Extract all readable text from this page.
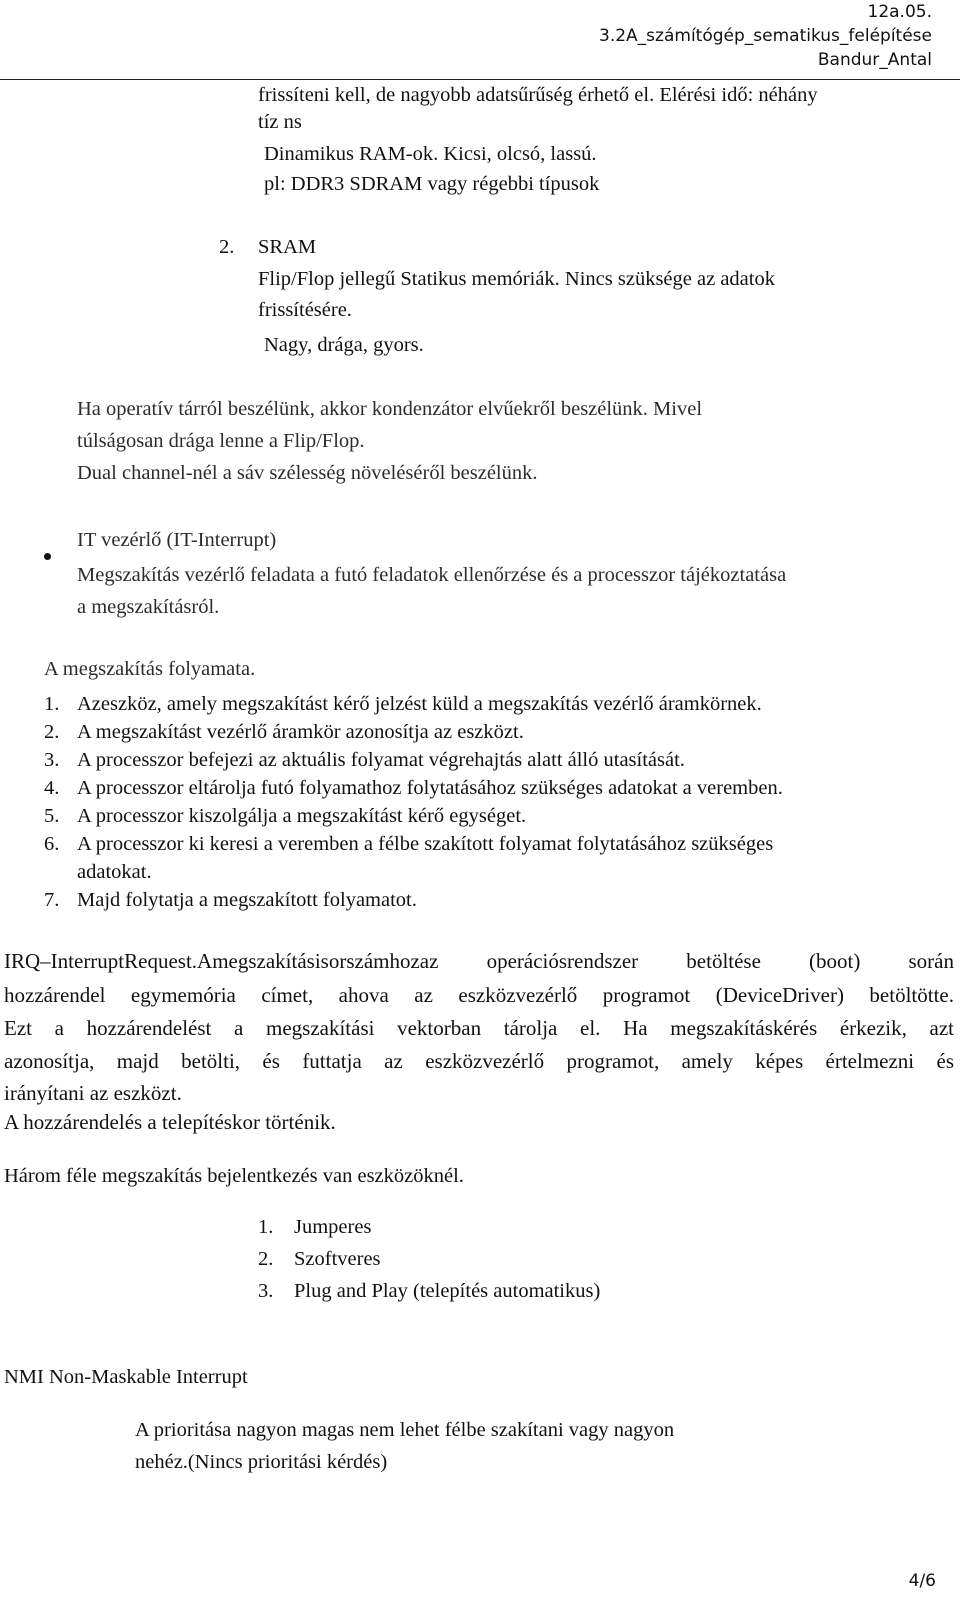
12a.05.
3.2A_számítógép_sematikus_felépítése
Bandur_Antal
frissíteni kell, de nagyobb adatsűrűség érhető el. Elérési idő: néhány
tíz ns
Dinamikus RAM-ok. Kicsi, olcsó, lassú.
pl: DDR3 SDRAM vagy régebbi típusok
2. SRAM
Flip/Flop jellegű Statikus memóriák. Nincs szüksége az adatok
frissítésére.
Nagy, drága, gyors.
Ha operatív tárról beszélünk, akkor kondenzátor elvűekről beszélünk. Mivel
túlságosan drága lenne a Flip/Flop.
Dual channel-nél a sáv szélesség növeléséről beszélünk.
IT vezérlő (IT-Interrupt)
Megszakítás vezérlő feladata a futó feladatok ellenőrzése és a processzor tájékoztatása
a megszakításról.
A megszakítás folyamata.
1. Azeszköz, amely megszakítást kérő jelzést küld a megszakítás vezérlő áramkörnek.
2. A megszakítást vezérlő áramkör azonosítja az eszközt.
3. A processzor befejezi az aktuális folyamat végrehajtás alatt álló utasítását.
4. A processzor eltárolja futó folyamathoz folytatásához szükséges adatokat a veremben.
5. A processzor kiszolgálja a megszakítást kérő egységet.
6. A processzor ki keresi a veremben a félbe szakított folyamat folytatásához szükséges
adatokat.
7. Majd folytatja a megszakított folyamatot.
IRQ–InterruptRequest.Amegszakításisorszámhozaz operációsrendszer betöltése (boot) során
hozzárendel egymemória címet, ahova az eszközvezérlő programot (DeviceDriver) betöltötte.
Ezt a hozzárendelést a megszakítási vektorban tárolja el. Ha megszakításkérés érkezik, azt
azonosítja, majd betölti, és futtatja az eszközvezérlő programot, amely képes értelmezni és
irányítani az eszközt.
A hozzárendelés a telepítéskor történik.
Három féle megszakítás bejelentkezés van eszközöknél.
1. Jumperes
2. Szoftveres
3. Plug and Play (telepítés automatikus)
NMI Non-Maskable Interrupt
A prioritása nagyon magas nem lehet félbe szakítani vagy nagyon
nehéz.(Nincs prioritási kérdés)
4/6
